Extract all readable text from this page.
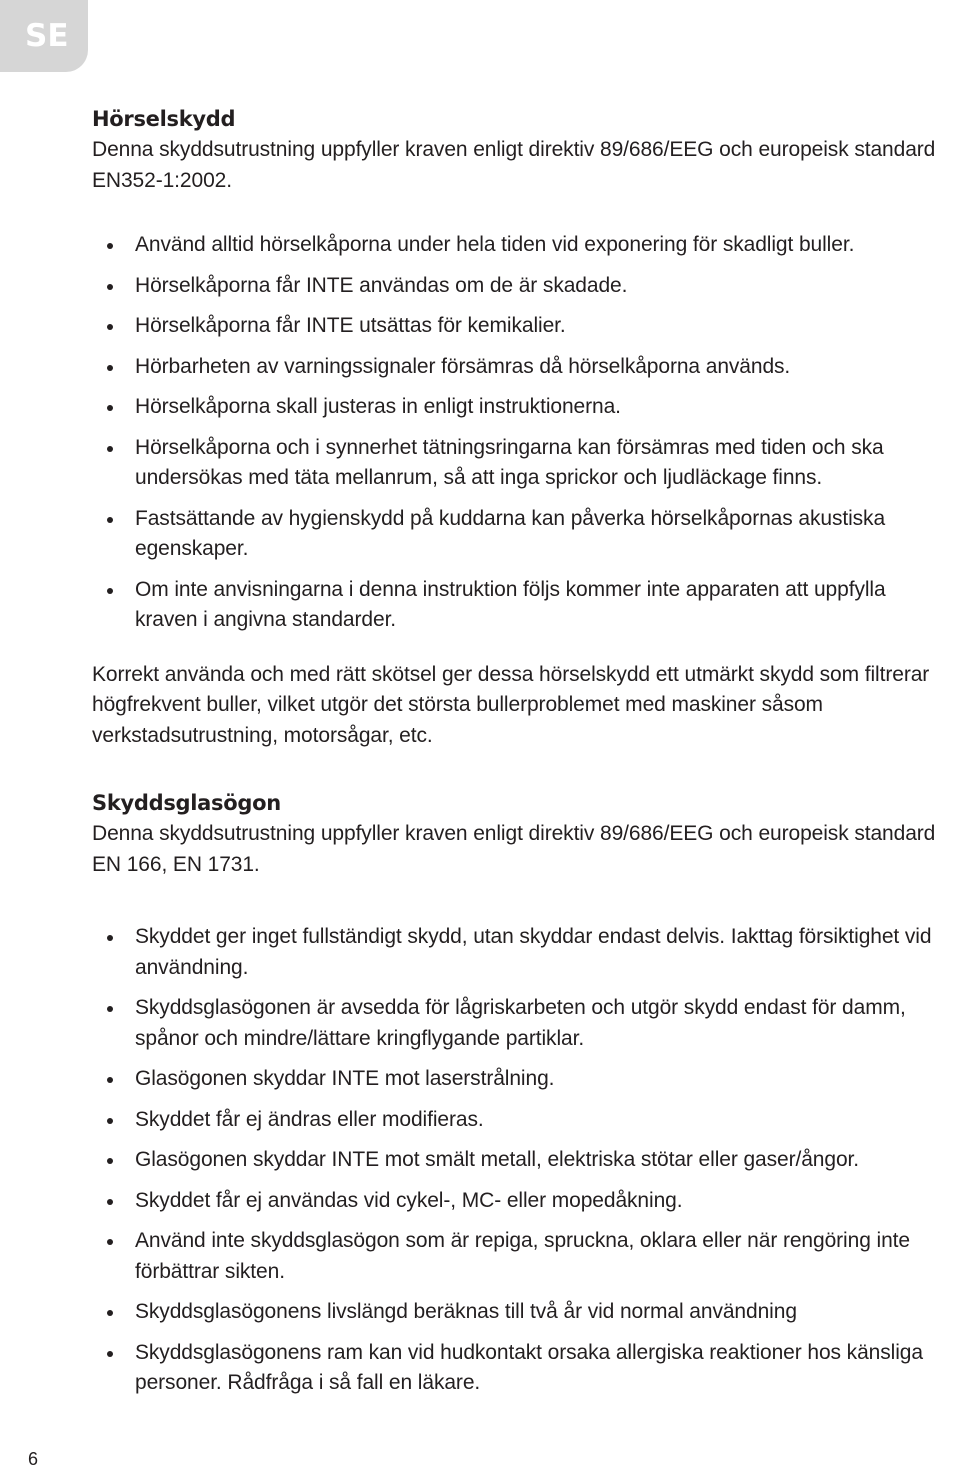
SE
Hörselskydd

Denna skyddsutrustning uppfyller kraven enligt direktiv 89/686/EEG och europeisk standard EN352-1:2002.

Använd alltid hörselkåporna under hela tiden vid exponering för skadligt buller.
Hörselkåporna får INTE användas om de är skadade.
Hörselkåporna får INTE utsättas för kemikalier.
Hörbarheten av varningssignaler försämras då hörselkåporna används.
Hörselkåporna skall justeras in enligt instruktionerna.
Hörselkåporna och i synnerhet tätningsringarna kan försämras med tiden och ska undersökas med täta mellanrum, så att inga sprickor och ljudläckage finns.
Fastsättande av hygienskydd på kuddarna kan påverka hörselkåpornas akustiska egenskaper.
Om inte anvisningarna i denna instruktion följs kommer inte apparaten att uppfylla kraven i angivna standarder.

Korrekt använda och med rätt skötsel ger dessa hörselskydd ett utmärkt skydd som filtrerar högfrekvent buller, vilket utgör det största bullerproblemet med maskiner såsom verkstadsutrustning, motorsågar, etc.

Skyddsglasögon

Denna skyddsutrustning uppfyller kraven enligt direktiv 89/686/EEG och europeisk standard EN 166, EN 1731.

Skyddet ger inget fullständigt skydd, utan skyddar endast delvis. Iakttag försiktighet vid användning.
Skyddsglasögonen är avsedda för lågriskarbeten och utgör skydd endast för damm, spånor och mindre/lättare kringflygande partiklar.
Glasögonen skyddar INTE mot laserstrålning.
Skyddet får ej ändras eller modifieras.
Glasögonen skyddar INTE mot smält metall, elektriska stötar eller gaser/ångor.
Skyddet får ej användas vid cykel-, MC- eller mopedåkning.
Använd inte skyddsglasögon som är repiga, spruckna, oklara eller när rengöring inte förbättrar sikten.
Skyddsglasögonens livslängd beräknas till två år vid normal användning
Skyddsglasögonens ram kan vid hudkontakt orsaka allergiska reaktioner hos känsliga personer. Rådfråga i så fall en läkare.
6
